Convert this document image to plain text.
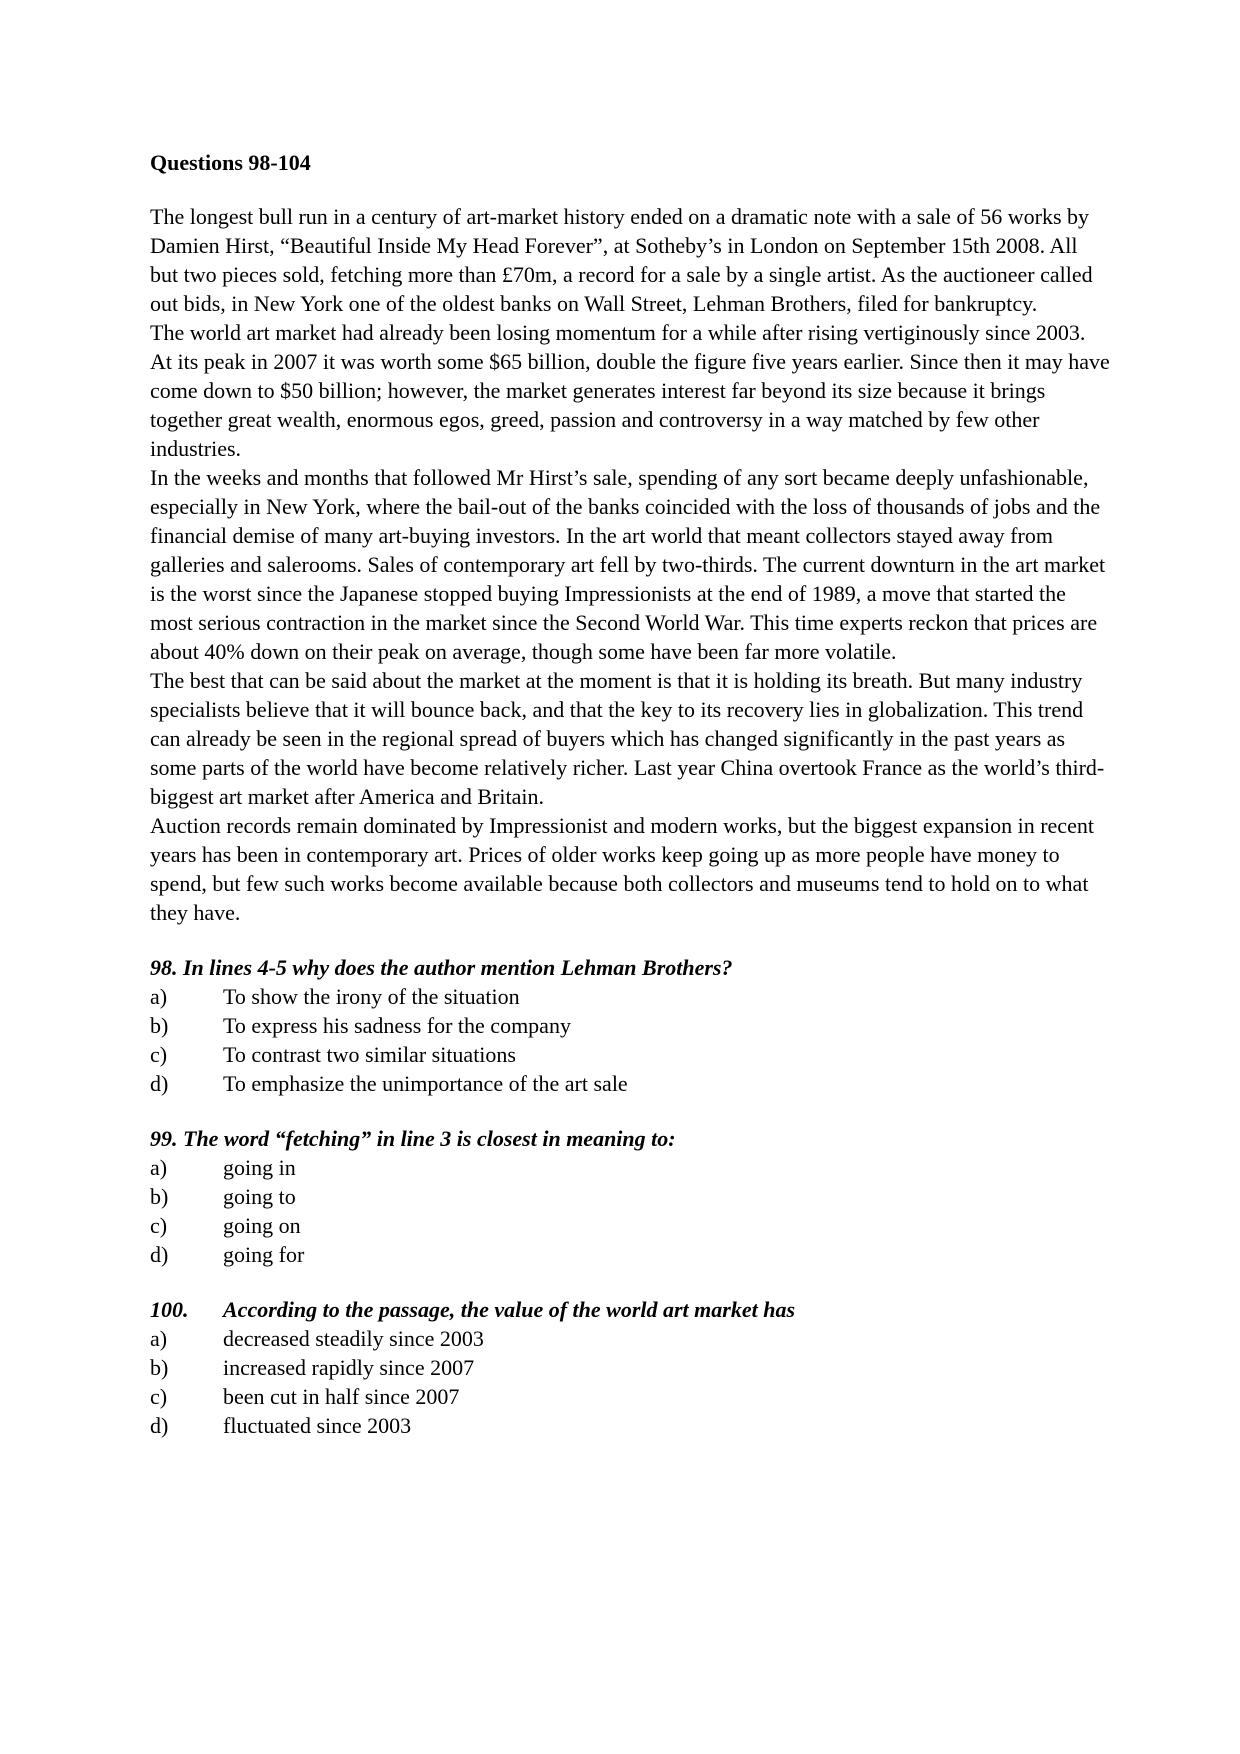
Questions 98-104

The longest bull run in a century of art-market history ended on a dramatic note with a sale of 56 works by Damien Hirst, “Beautiful Inside My Head Forever”, at Sotheby’s in London on September 15th 2008. All but two pieces sold, fetching more than £70m, a record for a sale by a single artist. As the auctioneer called out bids, in New York one of the oldest banks on Wall Street, Lehman Brothers, filed for bankruptcy.

The world art market had already been losing momentum for a while after rising vertiginously since 2003. At its peak in 2007 it was worth some $65 billion, double the figure five years earlier. Since then it may have come down to $50 billion; however, the market generates interest far beyond its size because it brings together great wealth, enormous egos, greed, passion and controversy in a way matched by few other industries.

In the weeks and months that followed Mr Hirst’s sale, spending of any sort became deeply unfashionable, especially in New York, where the bail-out of the banks coincided with the loss of thousands of jobs and the financial demise of many art-buying investors. In the art world that meant collectors stayed away from galleries and salerooms. Sales of contemporary art fell by two-thirds. The current downturn in the art market is the worst since the Japanese stopped buying Impressionists at the end of 1989, a move that started the most serious contraction in the market since the Second World War. This time experts reckon that prices are about 40% down on their peak on average, though some have been far more volatile.

The best that can be said about the market at the moment is that it is holding its breath. But many industry specialists believe that it will bounce back, and that the key to its recovery lies in globalization. This trend can already be seen in the regional spread of buyers which has changed significantly in the past years as some parts of the world have become relatively richer. Last year China overtook France as the world’s third-biggest art market after America and Britain.

Auction records remain dominated by Impressionist and modern works, but the biggest expansion in recent years has been in contemporary art. Prices of older works keep going up as more people have money to spend, but few such works become available because both collectors and museums tend to hold on to what they have.

98.
In lines 4-5 why does the author mention Lehman Brothers?
a)	To show the irony of the situation
b)	To express his sadness for the company
c)	To contrast two similar situations
d)	To emphasize the unimportance of the art sale
99.
The word “fetching” in line 3 is closest in meaning to:
a)	going in
b)	going to
c)	going on
d)	going for
100.	According to the passage, the value of the world art market has
a)	decreased steadily since 2003
b)	increased rapidly since 2007
c)	been cut in half since 2007
d)	fluctuated since 2003
